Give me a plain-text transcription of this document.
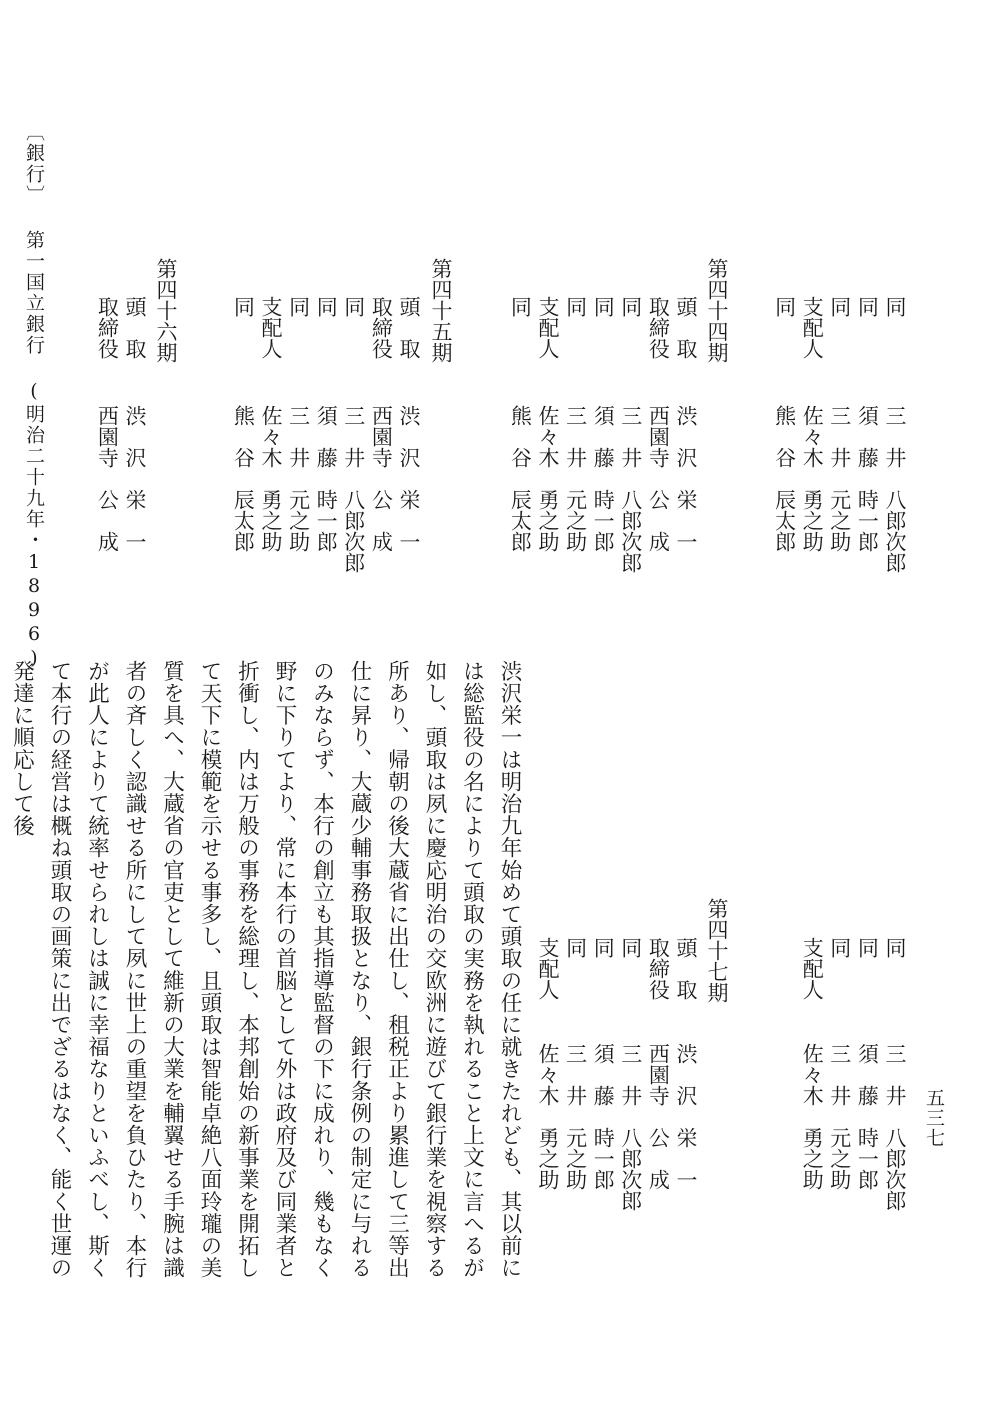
〔銀行〕 第一国立銀行 (明治二十九年・1896)
五三七
同
三　井　八郎次郎
同
須　藤　時一郎
同
三　井　元之助
支配人
佐々木　勇之助
同
熊　谷　辰太郎
第四十四期
頭　取
渋　沢　栄　一
取締役
西園寺　公　成
同
三　井　八郎次郎
同
須　藤　時一郎
同
三　井　元之助
支配人
佐々木　勇之助
同
熊　谷　辰太郎
第四十五期
頭　取
渋　沢　栄　一
取締役
西園寺　公　成
同
三　井　八郎次郎
同
須　藤　時一郎
同
三　井　元之助
支配人
佐々木　勇之助
同
熊　谷　辰太郎
第四十六期
頭　取
渋　沢　栄　一
取締役
西園寺　公　成
同
三　井　八郎次郎
同
須　藤　時一郎
同
三　井　元之助
支配人
佐々木　勇之助
第四十七期
頭　取
渋　沢　栄　一
取締役
西園寺　公　成
同
三　井　八郎次郎
同
須　藤　時一郎
同
三　井　元之助
支配人
佐々木　勇之助
渋沢栄一は明治九年始めて頭取の任に就きたれども、其以前には総監役の名によりて頭取の実務を執れること上文に言へるが如し、頭取は夙に慶応明治の交欧洲に遊びて銀行業を視察する所あり、帰朝の後大蔵省に出仕し、租税正より累進して三等出仕に昇り、大蔵少輔事務取扱となり、銀行条例の制定に与れるのみならず、本行の創立も其指導監督の下に成れり、幾もなく野に下りてより、常に本行の首脳として外は政府及び同業者と折衝し、内は万般の事務を総理し、本邦創始の新事業を開拓して天下に模範を示せる事多し、且頭取は智能卓絶八面玲瓏の美質を具へ、大蔵省の官吏として維新の大業を輔翼せる手腕は識者の斉しく認識せる所にして夙に世上の重望を負ひたり、本行が此人によりて統率せられしは誠に幸福なりといふべし、斯くて本行の経営は概ね頭取の画策に出でざるはなく、能く世運の発達に順応して後
